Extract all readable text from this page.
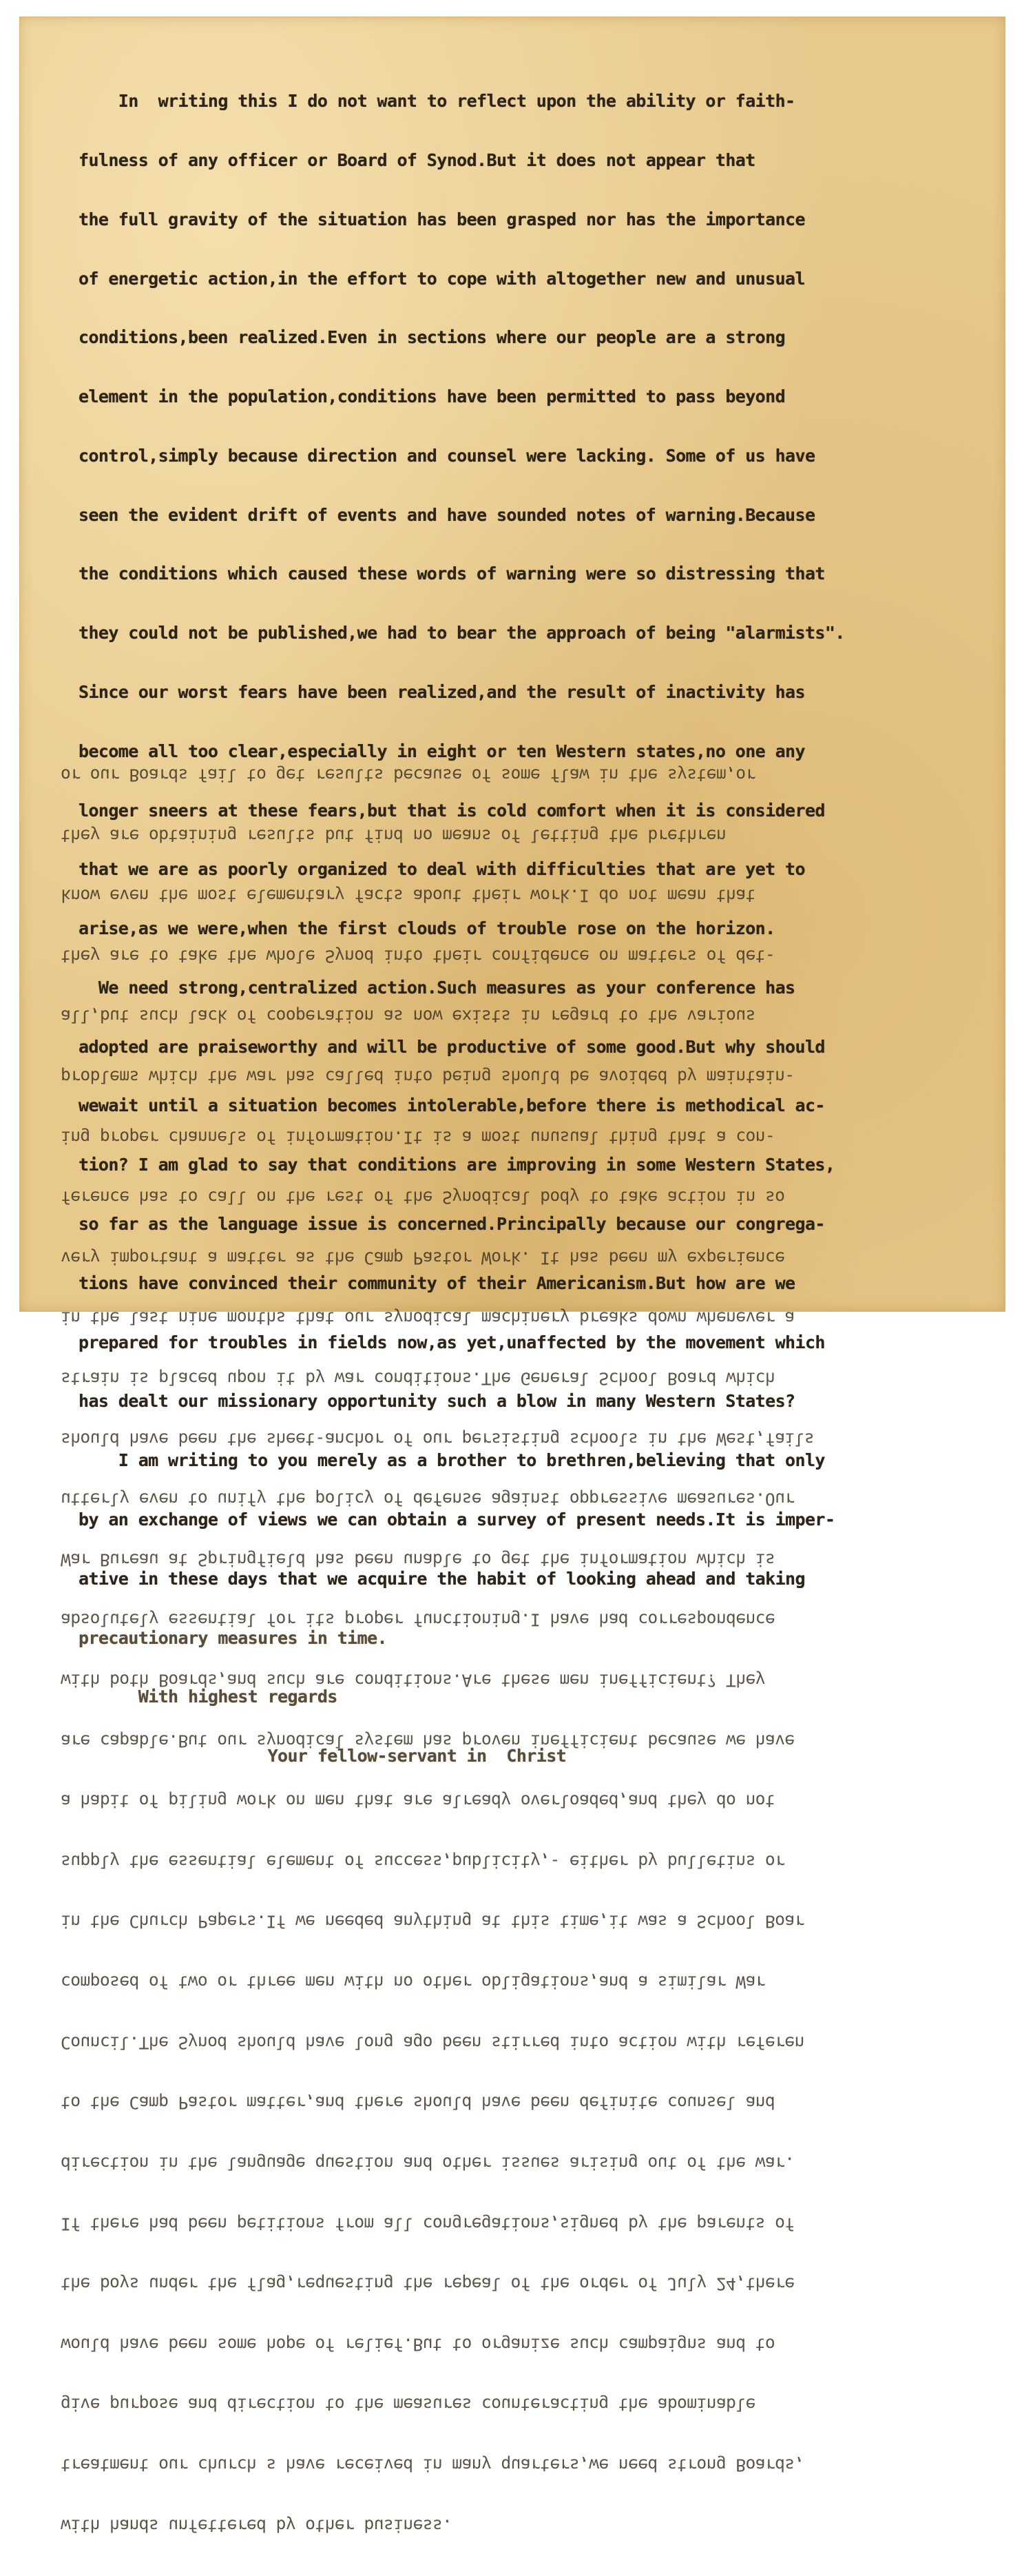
with hands unfettered by other business.

treatment our church s have received in many quarters,we need strong Boards,

give purpose and direction to the measures counteracting the abominable

would have been some hope of relief.But to organize such campaigns and to

the boys under the flag,requesting the repeal of the order of July 24,there

If there had been petitions from all congregations,signed by the parents of

direction in the language question and other issues arising out of the war.

to the Camp Pastor matter,and there should have been definite counsel and

Council.The Synod should have long ago been stirred into action with referen

composed of two or three men with no other obligations,and a similar War

in the Church Papers.If we needed anything at this time,it was a School Boar

supply the essential element of success,publicity,- either by bulletins or

a habit of piling work on men that are already overloaded,and they do not

are capable.But our synodical system has proven inefficient because we have

with both Boards,and such are conditions.Are these men inefficient? They

absolutely essential for its proper functioning.I have had correspondence

War Bureau at Springfield has been unable to get the information which is

utterly even to unify the policy of defense against oppressive measures.Our

should have been the sheet-anchor of our persisting schools in the West,fails

strain is placed upon it by war conditions.The General School Board which

in the last nine months that our synodical machinery breaks down whenever a

very important a matter as the Camp Pastor Work. It has been my experience

ference has to call on the rest of the Synodical body to take action in so

ing proper channels of information.It is a most unusual thing that a con-

problems which the war has called into being should be avoided by maintain-

all,but such lack of cooperation as now exists in regard to the various

they are to take the whole Synod into their confidence on matters of det-

know even the most elementary facts about their work.I do not mean that

they are obtaining results but find no means of letting the brethren

or our Boards fail to get results because of some flaw in the system,or

In  writing this I do not want to reflect upon the ability or faith-

fulness of any officer or Board of Synod.But it does not appear that

the full gravity of the situation has been grasped nor has the importance

of energetic action,in the effort to cope with altogether new and unusual

conditions,been realized.Even in sections where our people are a strong

element in the population,conditions have been permitted to pass beyond

control,simply because direction and counsel were lacking. Some of us have

seen the evident drift of events and have sounded notes of warning.Because

the conditions which caused these words of warning were so distressing that

they could not be published,we had to bear the approach of being "alarmists".

Since our worst fears have been realized,and the result of inactivity has

become all too clear,especially in eight or ten Western states,no one any

longer sneers at these fears,but that is cold comfort when it is considered

that we are as poorly organized to deal with difficulties that are yet to

arise,as we were,when the first clouds of trouble rose on the horizon.

We need strong,centralized action.Such measures as your conference has

adopted are praiseworthy and will be productive of some good.But why should

wewait until a situation becomes intolerable,before there is methodical ac-

tion? I am glad to say that conditions are improving in some Western States,

so far as the language issue is concerned.Principally because our congrega-

tions have convinced their community of their Americanism.But how are we

prepared for troubles in fields now,as yet,unaffected by the movement which

has dealt our missionary opportunity such a blow in many Western States?

I am writing to you merely as a brother to brethren,believing that only

by an exchange of views we can obtain a survey of present needs.It is imper-

ative in these days that we acquire the habit of looking ahead and taking

precautionary measures in time.

With highest regards

Your fellow-servant in  Christ
